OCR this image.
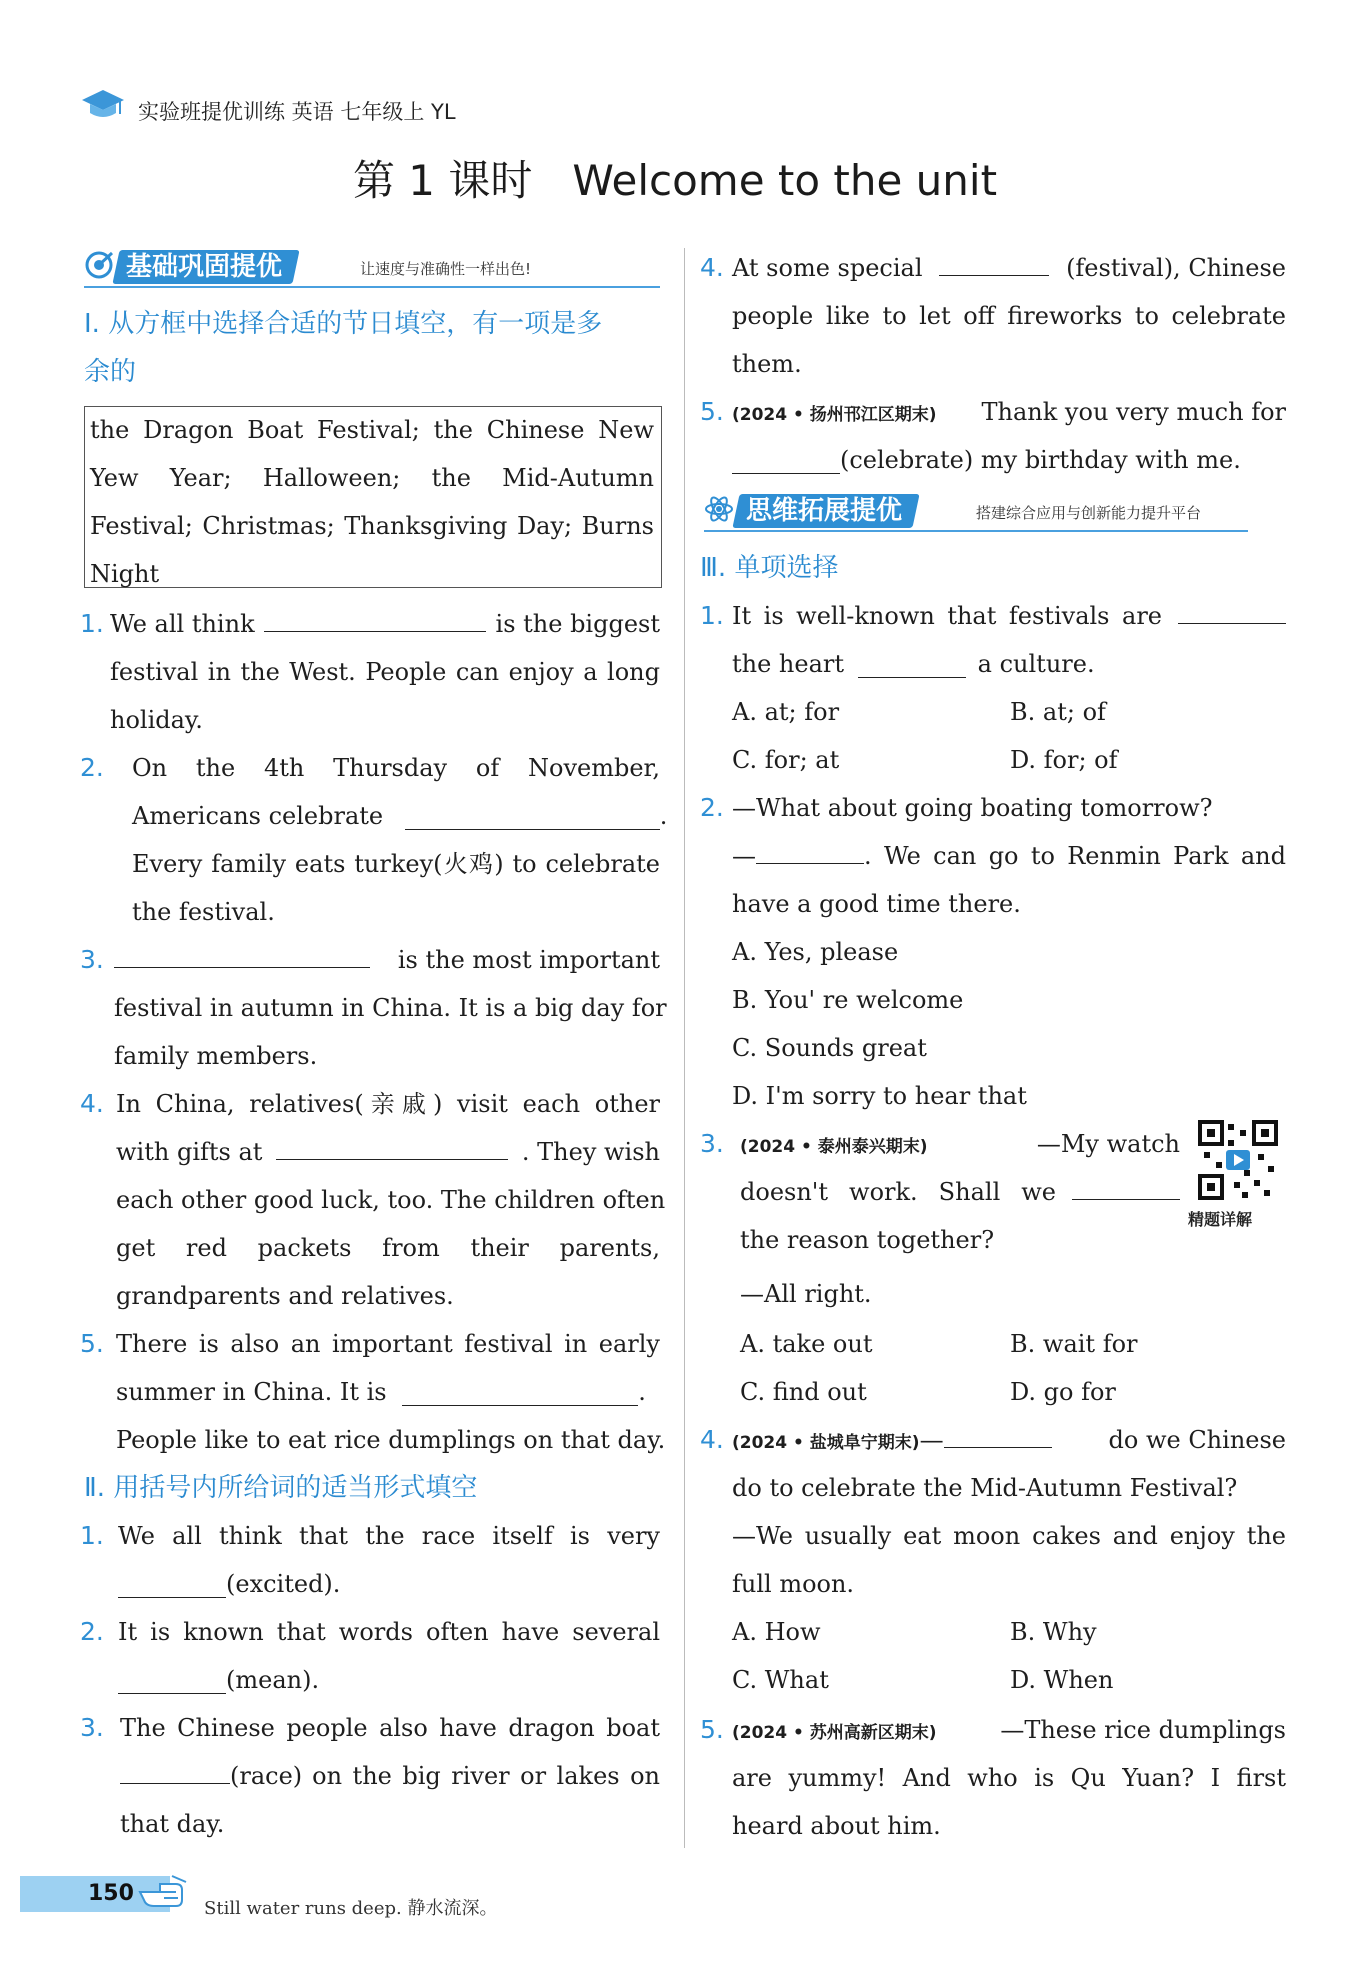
实验班提优训练 英语 七年级上 YL
第 1 课时   Welcome to the unit
基础巩固提优	让速度与准确性一样出色!
Ⅰ. 从方框中选择合适的节日填空，有一项是多
余的
the Dragon Boat Festival; the Chinese New
Yew Year; Halloween; the Mid-Autumn
Festival; Christmas; Thanksgiving Day; Burns
Night
1. We all think	is the biggest
festival in the West. People can enjoy a long
holiday.
2. On the 4th Thursday of November,
Americans celebrate	.
Every family eats turkey(火鸡) to celebrate
the festival.
3.	is the most important
festival in autumn in China. It is a big day for
family members.
4. In China, relatives(亲戚) visit each other
with gifts at	. They wish
each other good luck, too. The children often
get red packets from their parents,
grandparents and relatives.
5. There is also an important festival in early
summer in China. It is	.
People like to eat rice dumplings on that day.
Ⅱ. 用括号内所给词的适当形式填空
1. We all think that the race itself is very
(excited).
2. It is known that words often have several
(mean).
3. The Chinese people also have dragon boat
(race) on the big river or lakes on
that day.
4. At some special	(festival), Chinese
people like to let off fireworks to celebrate
them.
5. (2024 • 扬州邗江区期末) Thank you very much for
(celebrate) my birthday with me.
思维拓展提优	搭建综合应用与创新能力提升平台
Ⅲ. 单项选择
1. It is well-known that festivals are
the heart	a culture.
A. at; for	B. at; of
C. for; at	D. for; of
2. —What about going boating tomorrow?
—	. We can go to Renmin Park and
have a good time there.
A. Yes, please
B. You' re welcome
C. Sounds great
D. I'm sorry to hear that
3. (2024 • 泰州泰兴期末)	—My watch
doesn't work. Shall we
the reason together?
—All right.
A. take out	B. wait for
C. find out	D. go for
精题详解
4. (2024 • 盐城阜宁期末) —	do we Chinese
do to celebrate the Mid-Autumn Festival?
—We usually eat moon cakes and enjoy the
full moon.
A. How	B. Why
C. What	D. When
5. (2024 • 苏州高新区期末)	—These rice dumplings
are yummy! And who is Qu Yuan? I first
heard about him.
150
Still water runs deep. 静水流深。
